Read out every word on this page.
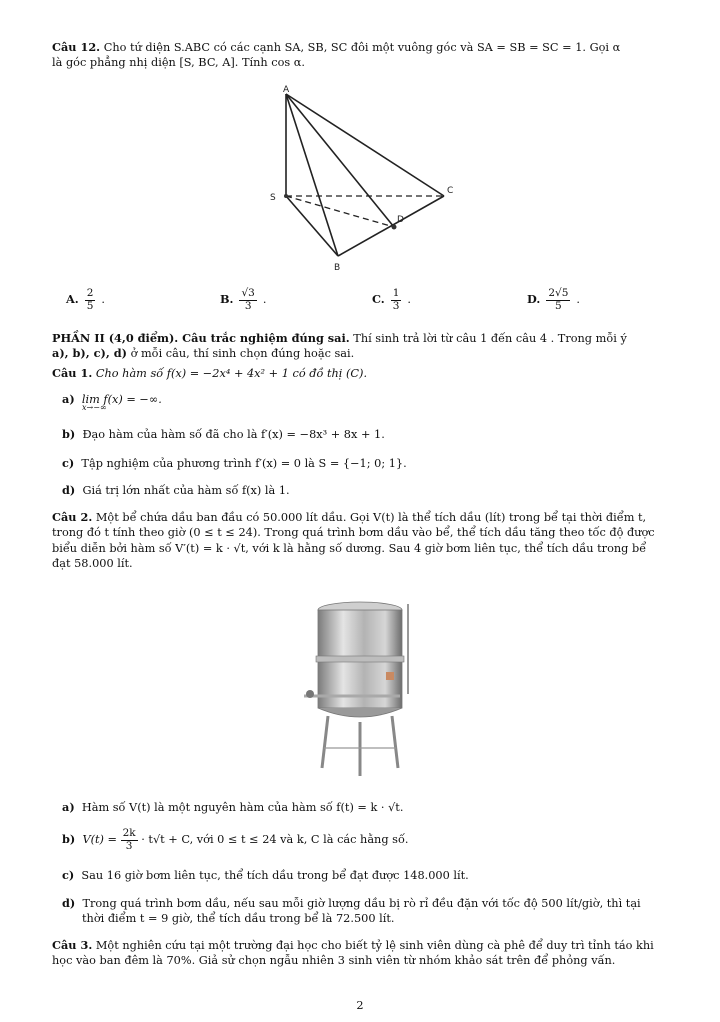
Câu 12. Cho tứ diện S.ABC có các cạnh SA, SB, SC đôi một vuông góc và SA = SB = SC = 1. Gọi α
là góc phẳng nhị diện [S, BC, A]. Tính cos α.
A
S
C
D
B
A. $\frac{2}{5}$ .	B. $\frac{√3}{3}$ .	C. $\frac{1}{3}$ .	D. $\frac{2√5}{5}$ .
PHẦN II (4,0 điểm). Câu trắc nghiệm đúng sai. Thí sinh trả lời từ câu 1 đến câu 4 . Trong mỗi ý
a), b), c), d) ở mỗi câu, thí sinh chọn đúng hoặc sai.
Câu 1. Cho hàm số f(x) = −2x⁴ + 4x² + 1 có đồ thị (C).
a) lim f(x) = −∞.
x→−∞
b) Đạo hàm của hàm số đã cho là f′(x) = −8x³ + 8x + 1.
c) Tập nghiệm của phương trình f′(x) = 0 là S = {−1; 0; 1}.
d) Giá trị lớn nhất của hàm số f(x) là 1.
Câu 2. Một bể chứa dầu ban đầu có 50.000 lít dầu. Gọi V(t) là thể tích dầu (lít) trong bể tại thời điểm t,
trong đó t tính theo giờ (0 ≤ t ≤ 24). Trong quá trình bơm dầu vào bể, thể tích dầu tăng theo tốc độ được
biểu diễn bởi hàm số V′(t) = k · √t, với k là hằng số dương. Sau 4 giờ bơm liên tục, thể tích dầu trong bể
đạt 58.000 lít.
a) Hàm số V(t) là một nguyên hàm của hàm số f(t) = k · √t.
b) $V(t) = \frac{2k}{3} \cdot t√t + C$, với 0 ≤ t ≤ 24 và k, C là các hằng số.
c) Sau 16 giờ bơm liên tục, thể tích dầu trong bể đạt được 148.000 lít.
d) Trong quá trình bơm dầu, nếu sau mỗi giờ lượng dầu bị rò rỉ đều đặn với tốc độ 500 lít/giờ, thì tại
thời điểm t = 9 giờ, thể tích dầu trong bể là 72.500 lít.
Câu 3. Một nghiên cứu tại một trường đại học cho biết tỷ lệ sinh viên dùng cà phê để duy trì tỉnh táo khi
học vào ban đêm là 70%. Giả sử chọn ngẫu nhiên 3 sinh viên từ nhóm khảo sát trên để phỏng vấn.
2
